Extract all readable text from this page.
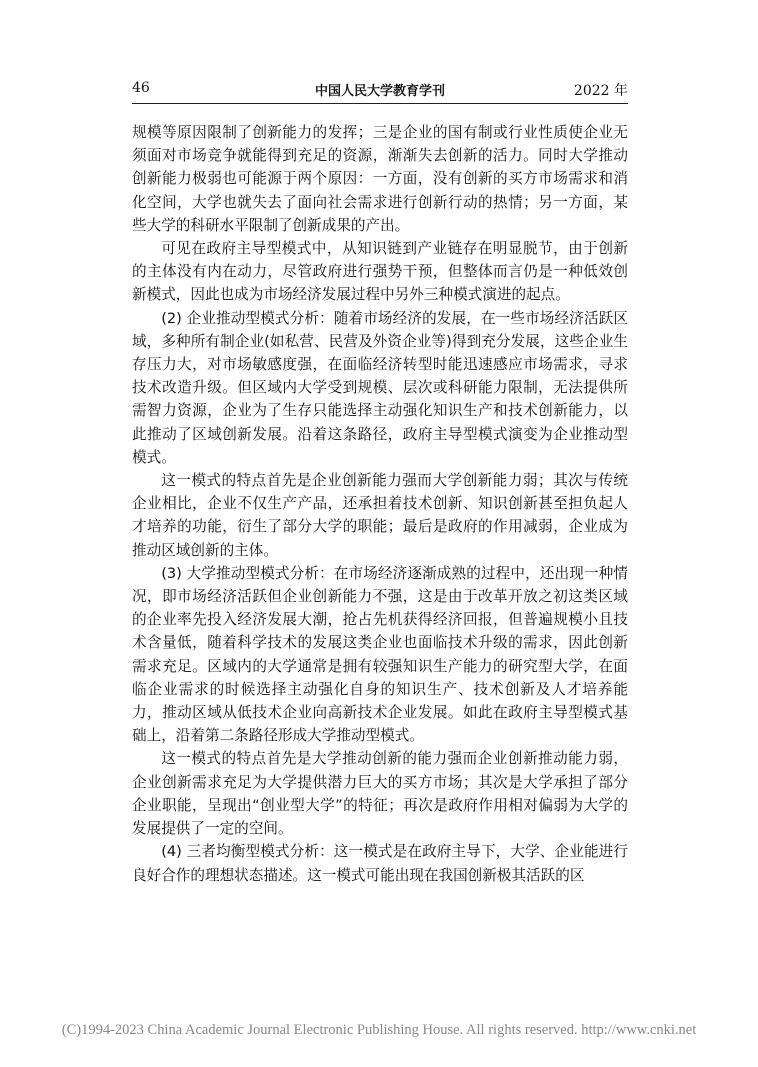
46	中国人民大学教育学刊	2022 年

规模等原因限制了创新能力的发挥；三是企业的国有制或行业性质使企业无须面对市场竞争就能得到充足的资源，渐渐失去创新的活力。同时大学推动创新能力极弱也可能源于两个原因：一方面，没有创新的买方市场需求和消化空间，大学也就失去了面向社会需求进行创新行动的热情；另一方面，某些大学的科研水平限制了创新成果的产出。

可见在政府主导型模式中，从知识链到产业链存在明显脱节，由于创新的主体没有内在动力，尽管政府进行强势干预，但整体而言仍是一种低效创新模式，因此也成为市场经济发展过程中另外三种模式演进的起点。

(2) 企业推动型模式分析：随着市场经济的发展，在一些市场经济活跃区域，多种所有制企业(如私营、民营及外资企业等)得到充分发展，这些企业生存压力大，对市场敏感度强，在面临经济转型时能迅速感应市场需求，寻求技术改造升级。但区域内大学受到规模、层次或科研能力限制，无法提供所需智力资源，企业为了生存只能选择主动强化知识生产和技术创新能力，以此推动了区域创新发展。沿着这条路径，政府主导型模式演变为企业推动型模式。

这一模式的特点首先是企业创新能力强而大学创新能力弱；其次与传统企业相比，企业不仅生产产品，还承担着技术创新、知识创新甚至担负起人才培养的功能，衍生了部分大学的职能；最后是政府的作用减弱，企业成为推动区域创新的主体。

(3) 大学推动型模式分析：在市场经济逐渐成熟的过程中，还出现一种情况，即市场经济活跃但企业创新能力不强，这是由于改革开放之初这类区域的企业率先投入经济发展大潮，抢占先机获得经济回报，但普遍规模小且技术含量低，随着科学技术的发展这类企业也面临技术升级的需求，因此创新需求充足。区域内的大学通常是拥有较强知识生产能力的研究型大学，在面临企业需求的时候选择主动强化自身的知识生产、技术创新及人才培养能力，推动区域从低技术企业向高新技术企业发展。如此在政府主导型模式基础上，沿着第二条路径形成大学推动型模式。

这一模式的特点首先是大学推动创新的能力强而企业创新推动能力弱，企业创新需求充足为大学提供潜力巨大的买方市场；其次是大学承担了部分企业职能，呈现出“创业型大学”的特征；再次是政府作用相对偏弱为大学的发展提供了一定的空间。

(4) 三者均衡型模式分析：这一模式是在政府主导下，大学、企业能进行良好合作的理想状态描述。这一模式可能出现在我国创新极其活跃的区

(C)1994-2023 China Academic Journal Electronic Publishing House. All rights reserved. http://www.cnki.net
